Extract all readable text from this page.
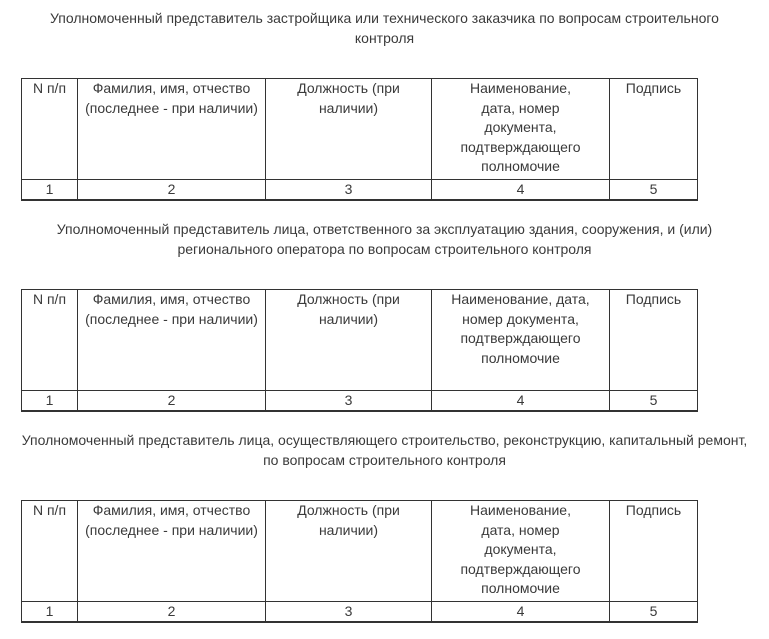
Уполномоченный представитель застройщика или технического заказчика по вопросам строительного контроля
N п/п	Фамилия, имя, отчество (последнее - при наличии)	Должность (при наличии)	Наименование, дата, номер документа, подтверждающего полномочие	Подпись
1	2	3	4	5
Уполномоченный представитель лица, ответственного за эксплуатацию здания, сооружения, и (или) регионального оператора по вопросам строительного контроля
N п/п	Фамилия, имя, отчество (последнее - при наличии)	Должность (при наличии)	Наименование, дата, номер документа, подтверждающего полномочие	Подпись
1	2	3	4	5
Уполномоченный представитель лица, осуществляющего строительство, реконструкцию, капитальный ремонт, по вопросам строительного контроля
N п/п	Фамилия, имя, отчество (последнее - при наличии)	Должность (при наличии)	Наименование, дата, номер документа, подтверждающего полномочие	Подпись
1	2	3	4	5
